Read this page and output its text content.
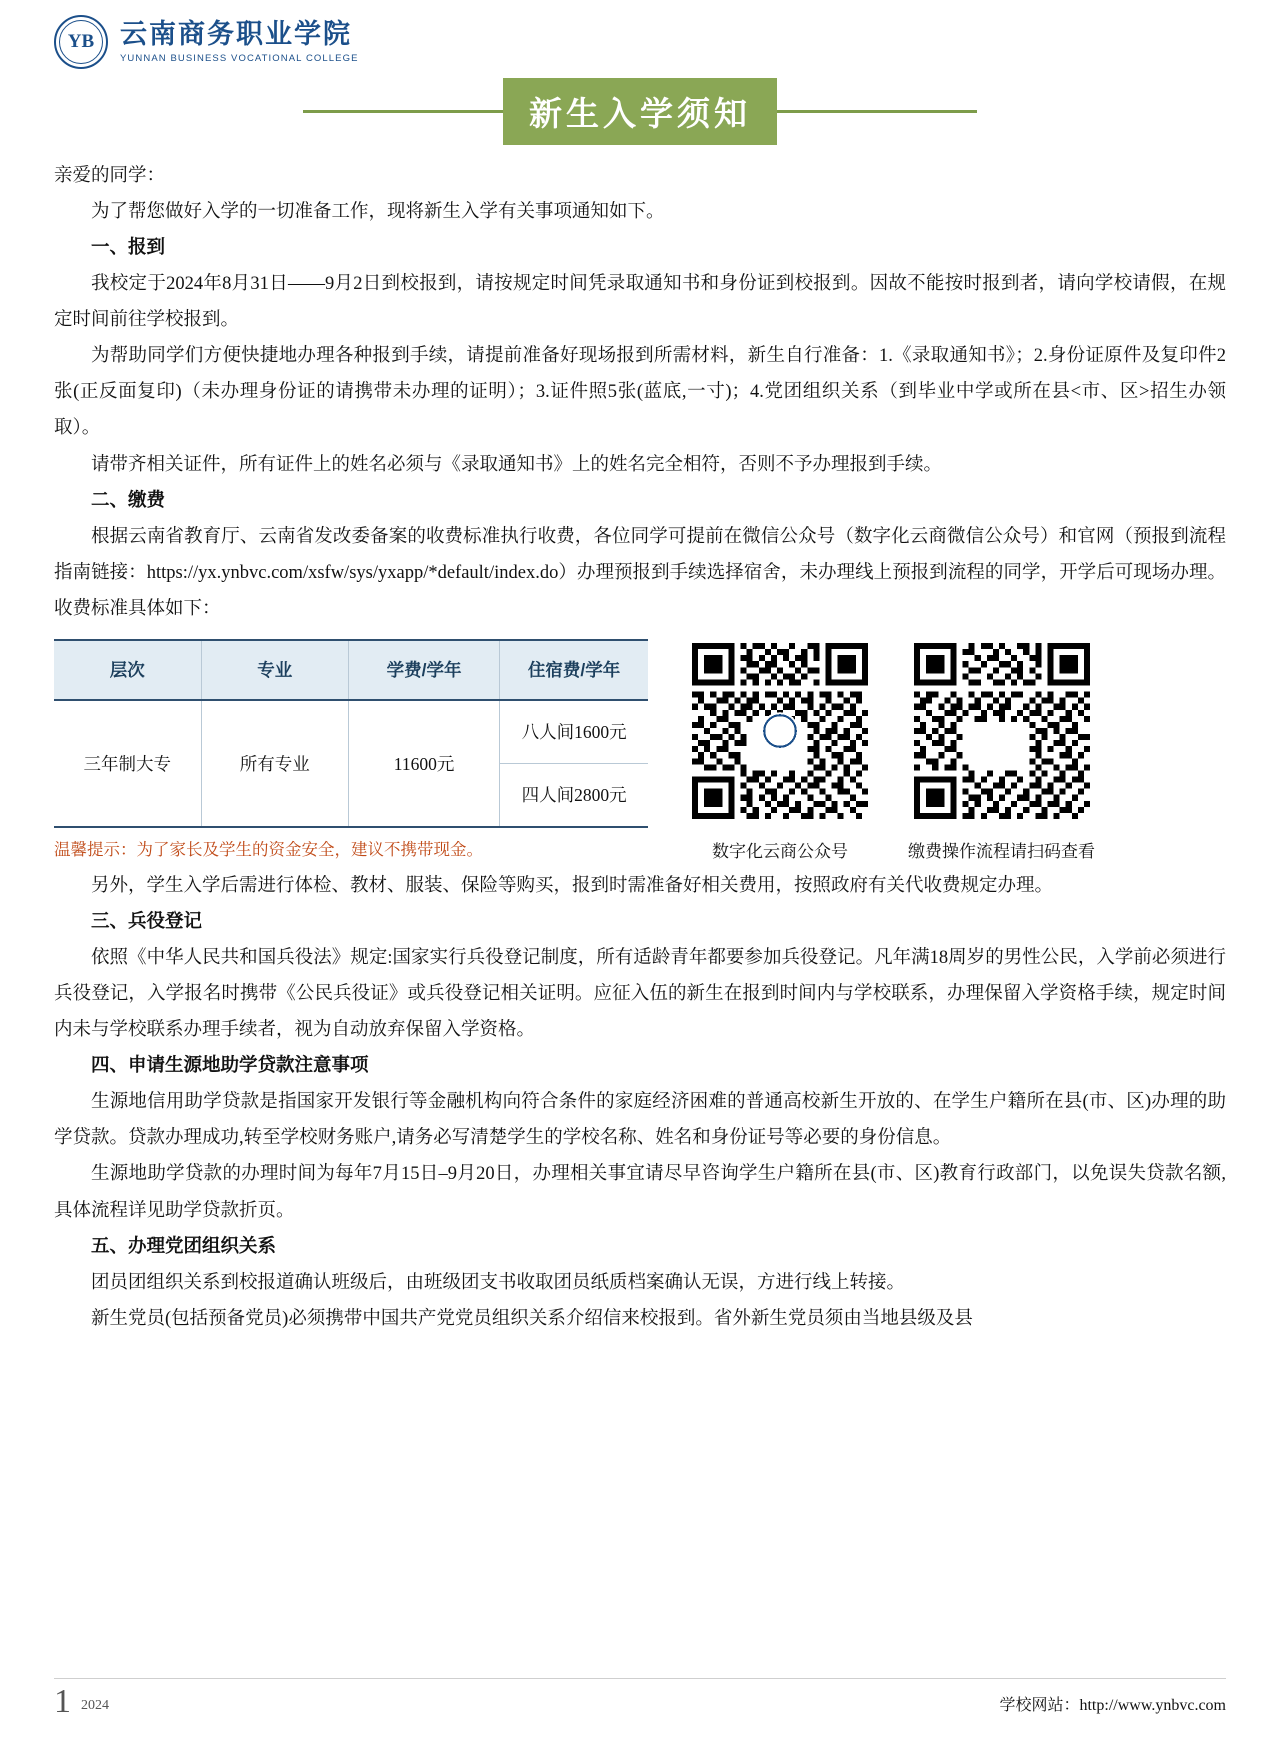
YB 云南商务职业学院
YUNNAN BUSINESS VOCATIONAL COLLEGE
新生入学须知

亲爱的同学：

为了帮您做好入学的一切准备工作，现将新生入学有关事项通知如下。

一、报到

我校定于2024年8月31日——9月2日到校报到，请按规定时间凭录取通知书和身份证到校报到。因故不能按时报到者，请向学校请假，在规定时间前往学校报到。

为帮助同学们方便快捷地办理各种报到手续，请提前准备好现场报到所需材料，新生自行准备：1.《录取通知书》；2.身份证原件及复印件2张(正反面复印)（未办理身份证的请携带未办理的证明）；3.证件照5张(蓝底,一寸)；4.党团组织关系（到毕业中学或所在县<市、区>招生办领取）。

请带齐相关证件，所有证件上的姓名必须与《录取通知书》上的姓名完全相符，否则不予办理报到手续。

二、缴费

根据云南省教育厅、云南省发改委备案的收费标准执行收费，各位同学可提前在微信公众号（数字化云商微信公众号）和官网（预报到流程指南链接：https://yx.ynbvc.com/xsfw/sys/yxapp/*default/index.do）办理预报到手续选择宿舍，未办理线上预报到流程的同学，开学后可现场办理。收费标准具体如下：

层次	专业	学费/学年	住宿费/学年
三年制大专	所有专业	11600元	八人间1600元
			四人间2800元

温馨提示：为了家长及学生的资金安全，建议不携带现金。	数字化云商公众号	缴费操作流程请扫码查看

另外，学生入学后需进行体检、教材、服装、保险等购买，报到时需准备好相关费用，按照政府有关代收费规定办理。

三、兵役登记

依照《中华人民共和国兵役法》规定:国家实行兵役登记制度，所有适龄青年都要参加兵役登记。凡年满18周岁的男性公民，入学前必须进行兵役登记，入学报名时携带《公民兵役证》或兵役登记相关证明。应征入伍的新生在报到时间内与学校联系，办理保留入学资格手续，规定时间内未与学校联系办理手续者，视为自动放弃保留入学资格。

四、申请生源地助学贷款注意事项

生源地信用助学贷款是指国家开发银行等金融机构向符合条件的家庭经济困难的普通高校新生开放的、在学生户籍所在县(市、区)办理的助学贷款。贷款办理成功,转至学校财务账户,请务必写清楚学生的学校名称、姓名和身份证号等必要的身份信息。

生源地助学贷款的办理时间为每年7月15日–9月20日，办理相关事宜请尽早咨询学生户籍所在县(市、区)教育行政部门，以免误失贷款名额,具体流程详见助学贷款折页。

五、办理党团组织关系

团员团组织关系到校报道确认班级后，由班级团支书收取团员纸质档案确认无误，方进行线上转接。

新生党员(包括预备党员)必须携带中国共产党党员组织关系介绍信来校报到。省外新生党员须由当地县级及县

1 2024	学校网站：http://www.ynbvc.com
